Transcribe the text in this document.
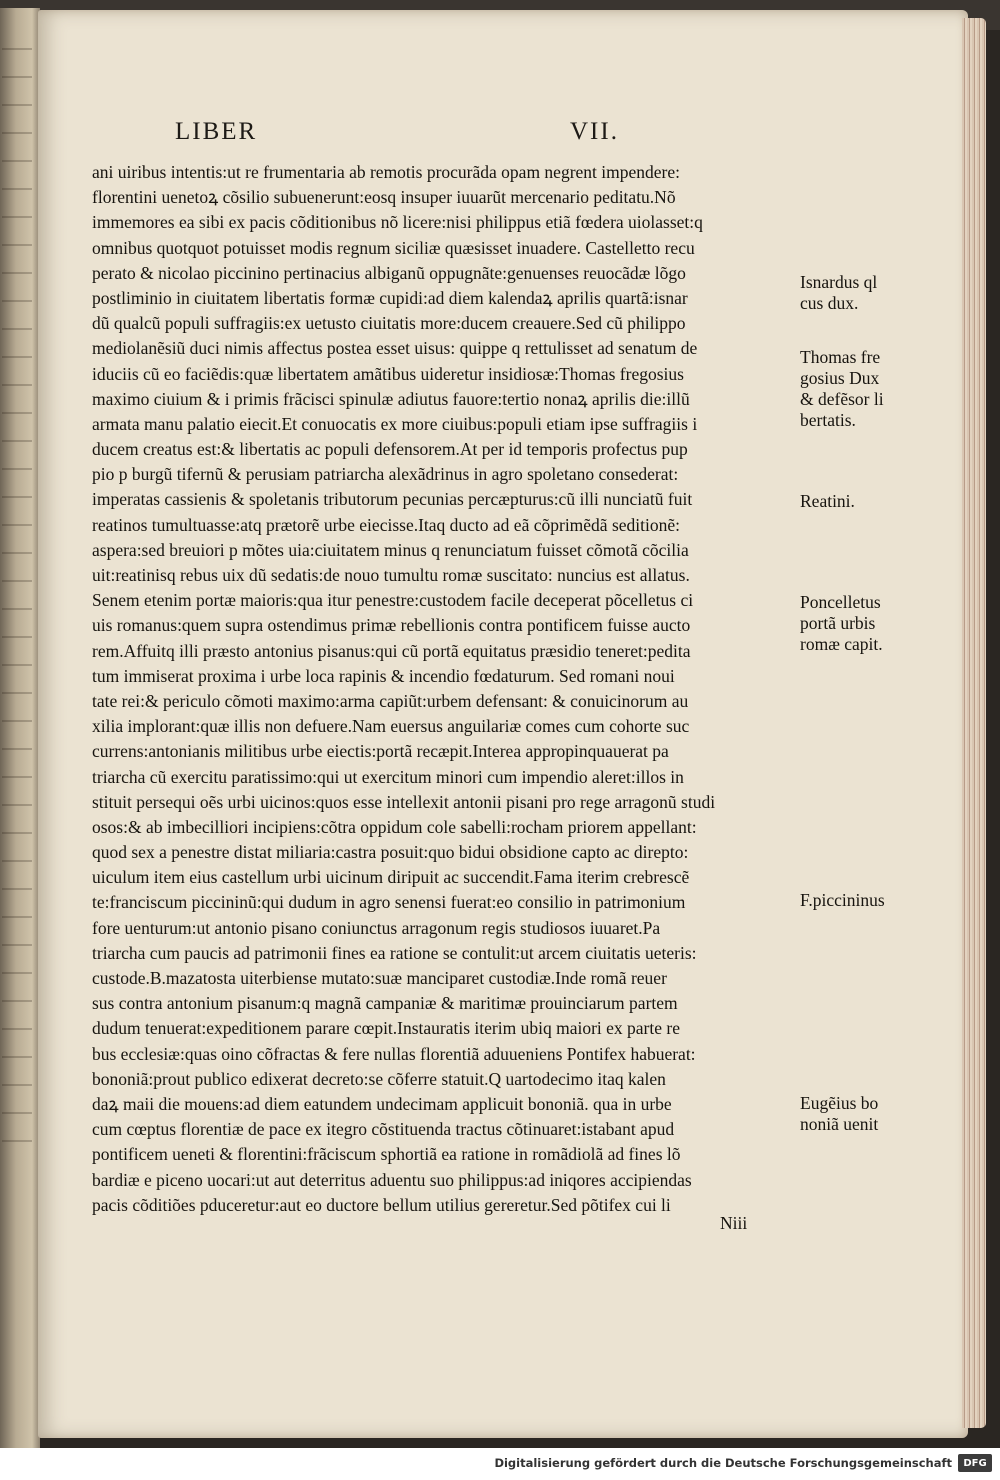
LIBER	VII.
ani uiribus intentis:ut re frumentaria ab remotis procurãda opam negrent impendere:
florentini uenetoꝝ cõsilio subuenerunt:eosq insuper iuuarũt mercenario peditatu.Nõ
immemores ea sibi ex pacis cõditionibus nõ licere:nisi philippus etiã fœdera uiolasset:q
omnibus quotquot potuisset modis regnum siciliæ quæsisset inuadere. Castelletto recu
perato & nicolao piccinino pertinacius albiganũ oppugnãte:genuenses reuocãdæ lõgo
postliminio in ciuitatem libertatis formæ cupidi:ad diem kalendaꝝ aprilis quartã:isnar
dũ qualcũ populi suffragiis:ex uetusto ciuitatis more:ducem creauere.Sed cũ philippo
mediolanẽsiũ duci nimis affectus postea esset uisus: quippe q rettulisset ad senatum de
iduciis cũ eo faciẽdis:quæ libertatem amãtibus uideretur insidiosæ:Thomas fregosius
maximo ciuium & i primis frãcisci spinulæ adiutus fauore:tertio nonaꝝ aprilis die:illũ
armata manu palatio eiecit.Et conuocatis ex more ciuibus:populi etiam ipse suffragiis i
ducem creatus est:& libertatis ac populi defensorem.At per id temporis profectus pup
pio p burgũ tifernũ & perusiam patriarcha alexãdrinus in agro spoletano consederat:
imperatas cassienis & spoletanis tributorum pecunias percæpturus:cũ illi nunciatũ fuit
reatinos tumultuasse:atq prætorẽ urbe eiecisse.Itaq ducto ad eã cõprimẽdã seditionẽ:
aspera:sed breuiori p mõtes uia:ciuitatem minus q renunciatum fuisset cõmotã cõcilia
uit:reatinisq rebus uix dũ sedatis:de nouo tumultu romæ suscitato: nuncius est allatus.
Senem etenim portæ maioris:qua itur penestre:custodem facile deceperat põcelletus ci
uis romanus:quem supra ostendimus primæ rebellionis contra pontificem fuisse aucto
rem.Affuitq illi præsto antonius pisanus:qui cũ portã equitatus præsidio teneret:pedita
tum immiserat proxima i urbe loca rapinis & incendio fœdaturum. Sed romani noui
tate rei:& periculo cõmoti maximo:arma capiũt:urbem defensant: & conuicinorum au
xilia implorant:quæ illis non defuere.Nam euersus anguilariæ comes cum cohorte suc
currens:antonianis militibus urbe eiectis:portã recæpit.Interea appropinquauerat pa
triarcha cũ exercitu paratissimo:qui ut exercitum minori cum impendio aleret:illos in
stituit persequi oẽs urbi uicinos:quos esse intellexit antonii pisani pro rege arragonũ studi
osos:& ab imbecilliori incipiens:cõtra oppidum cole sabelli:rocham priorem appellant:
quod sex a penestre distat miliaria:castra posuit:quo bidui obsidione capto ac direpto:
uiculum item eius castellum urbi uicinum diripuit ac succendit.Fama iterim crebrescẽ
te:franciscum piccininũ:qui dudum in agro senensi fuerat:eo consilio in patrimonium
fore uenturum:ut antonio pisano coniunctus arragonum regis studiosos iuuaret.Pa
triarcha cum paucis ad patrimonii fines ea ratione se contulit:ut arcem ciuitatis ueteris:
custode.B.mazatosta uiterbiense mutato:suæ manciparet custodiæ.Inde romã reuer
sus contra antonium pisanum:q magnã campaniæ & maritimæ prouinciarum partem
dudum tenuerat:expeditionem parare cœpit.Instauratis iterim ubiq maiori ex parte re
bus ecclesiæ:quas oino cõfractas & fere nullas florentiã aduueniens Pontifex habuerat:
bononiã:prout publico edixerat decreto:se cõferre statuit.Q uartodecimo itaq kalen
daꝝ maii die mouens:ad diem eatundem undecimam applicuit bononiã. qua in urbe
cum cœptus florentiæ de pace ex itegro cõstituenda tractus cõtinuaret:istabant apud
pontificem ueneti & florentini:frãciscum sphortiã ea ratione in romãdiolã ad fines lõ
bardiæ e piceno uocari:ut aut deterritus aduentu suo philippus:ad iniqores accipiendas
pacis cõditiões pduceretur:aut eo ductore bellum utilius gereretur.Sed põtifex cui li
Isnardus ql
cus dux.
Thomas fre
gosius Dux
& defẽsor li
bertatis.
Reatini.
Poncelletus
portã urbis
romæ capit.
F.piccininus
Eugẽius bo
noniã uenit
Niii
Digitalisierung gefördert durch die Deutsche Forschungsgemeinschaft	DFG
